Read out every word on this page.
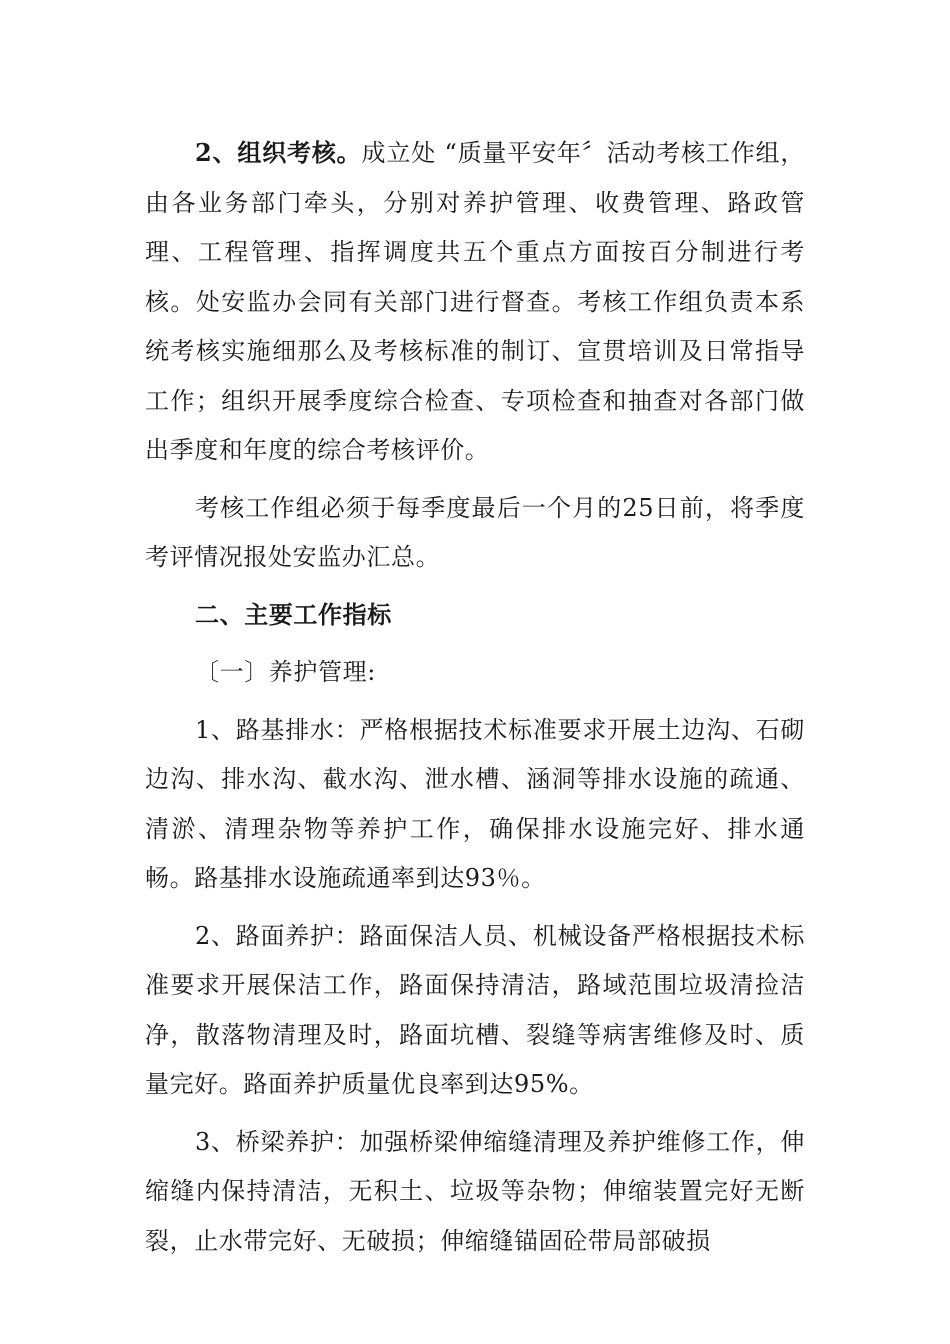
2、组织考核。成立处 “质量平安年〞活动考核工作组，由各业务部门牵头，分别对养护管理、收费管理、路政管理、工程管理、指挥调度共五个重点方面按百分制进行考核。处安监办会同有关部门进行督查。考核工作组负责本系统考核实施细那么及考核标准的制订、宣贯培训及日常指导工作；组织开展季度综合检查、专项检查和抽查对各部门做出季度和年度的综合考核评价。

考核工作组必须于每季度最后一个月的25日前，将季度考评情况报处安监办汇总。

二、主要工作指标

〔一〕养护管理:

1、路基排水：严格根据技术标准要求开展土边沟、石砌边沟、排水沟、截水沟、泄水槽、涵洞等排水设施的疏通、清淤、清理杂物等养护工作，确保排水设施完好、排水通畅。路基排水设施疏通率到达93％。

2、路面养护：路面保洁人员、机械设备严格根据技术标准要求开展保洁工作，路面保持清洁，路域范围垃圾清捡洁净，散落物清理及时，路面坑槽、裂缝等病害维修及时、质量完好。路面养护质量优良率到达95%。

3、桥梁养护：加强桥梁伸缩缝清理及养护维修工作，伸缩缝内保持清洁，无积土、垃圾等杂物；伸缩装置完好无断裂，止水带完好、无破损；伸缩缝锚固砼带局部破损
